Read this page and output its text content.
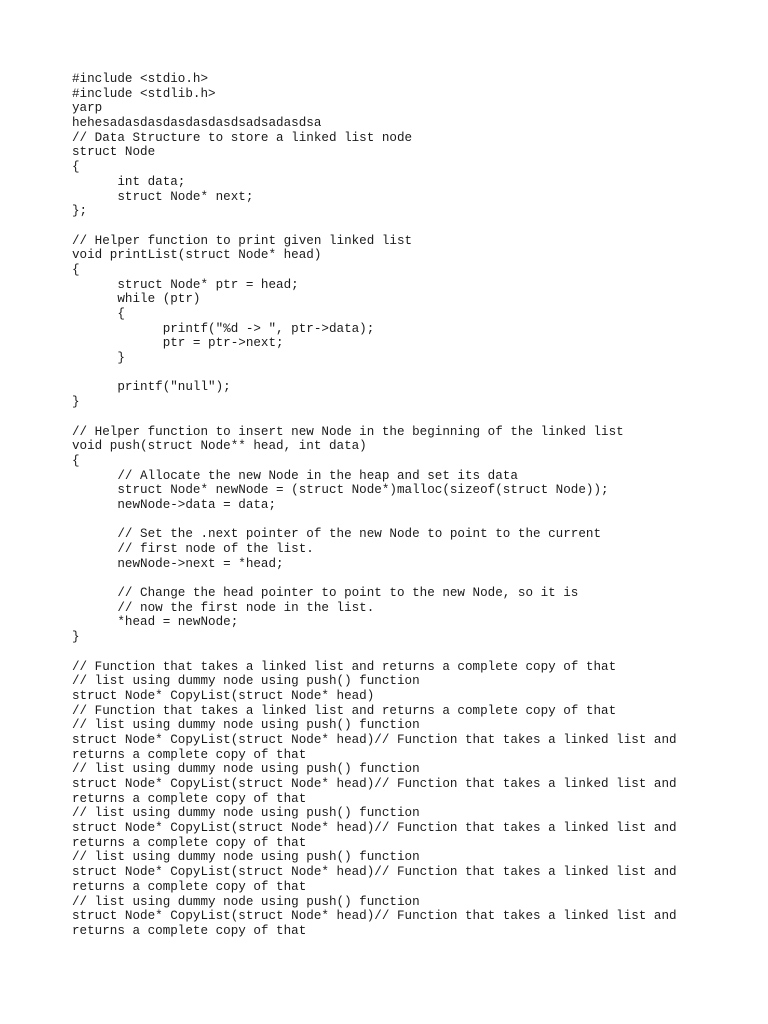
#include <stdio.h>
#include <stdlib.h>
yarp
hehesadasdasdasdasdasdsadsadasdsa
// Data Structure to store a linked list node
struct Node
{
int data;
struct Node* next;
};
// Helper function to print given linked list
void printList(struct Node* head)
{
struct Node* ptr = head;
while (ptr)
{
printf("%d -> ", ptr->data);
ptr = ptr->next;
}
printf("null");
}
// Helper function to insert new Node in the beginning of the linked list
void push(struct Node** head, int data)
{
// Allocate the new Node in the heap and set its data
struct Node* newNode = (struct Node*)malloc(sizeof(struct Node));
newNode->data = data;
// Set the .next pointer of the new Node to point to the current
// first node of the list.
newNode->next = *head;
// Change the head pointer to point to the new Node, so it is
// now the first node in the list.
*head = newNode;
}
// Function that takes a linked list and returns a complete copy of that
// list using dummy node using push() function
struct Node* CopyList(struct Node* head)
// Function that takes a linked list and returns a complete copy of that
// list using dummy node using push() function
struct Node* CopyList(struct Node* head)// Function that takes a linked list and
returns a complete copy of that
// list using dummy node using push() function
struct Node* CopyList(struct Node* head)// Function that takes a linked list and
returns a complete copy of that
// list using dummy node using push() function
struct Node* CopyList(struct Node* head)// Function that takes a linked list and
returns a complete copy of that
// list using dummy node using push() function
struct Node* CopyList(struct Node* head)// Function that takes a linked list and
returns a complete copy of that
// list using dummy node using push() function
struct Node* CopyList(struct Node* head)// Function that takes a linked list and
returns a complete copy of that
